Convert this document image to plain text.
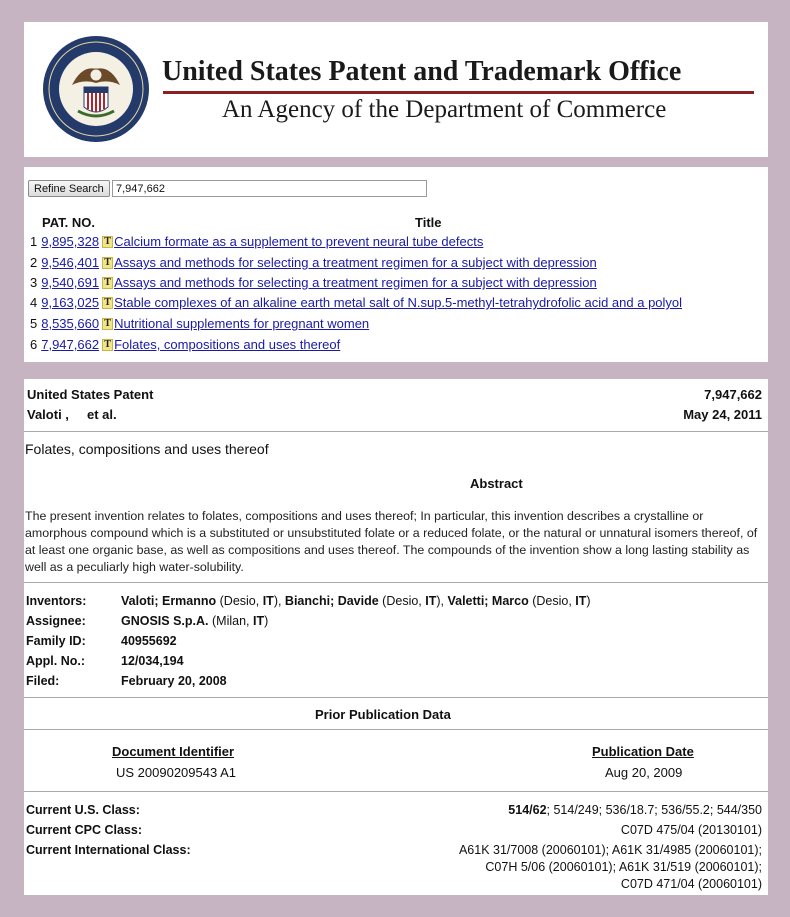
United States Patent and Trademark Office
An Agency of the Department of Commerce
Refine Search
7,947,662
PAT. NO.	Title
1 9,895,328 T Calcium formate as a supplement to prevent neural tube defects
2 9,546,401 T Assays and methods for selecting a treatment regimen for a subject with depression
3 9,540,691 T Assays and methods for selecting a treatment regimen for a subject with depression
4 9,163,025 T Stable complexes of an alkaline earth metal salt of N.sup.5-methyl-tetrahydrofolic acid and a polyol
5 8,535,660 T Nutritional supplements for pregnant women
6 7,947,662 T Folates, compositions and uses thereof
United States Patent	7,947,662
Valoti ,     et al.	May 24, 2011
Folates, compositions and uses thereof
Abstract
The present invention relates to folates, compositions and uses thereof; In particular, this invention describes a crystalline or amorphous compound which is a substituted or unsubstituted folate or a reduced folate, or the natural or unnatural isomers thereof, of at least one organic base, as well as compositions and uses thereof. The compounds of the invention show a long lasting stability as well as a peculiarly high water-solubility.
Inventors:	Valoti; Ermanno (Desio, IT), Bianchi; Davide (Desio, IT), Valetti; Marco (Desio, IT)
Assignee:	GNOSIS S.p.A. (Milan, IT)
Family ID:	40955692
Appl. No.:	12/034,194
Filed:	February 20, 2008
Prior Publication Data
Document Identifier
US 20090209543 A1
Publication Date
Aug 20, 2009
Current U.S. Class:	514/62; 514/249; 536/18.7; 536/55.2; 544/350
Current CPC Class:	C07D 475/04 (20130101)
Current International Class:	A61K 31/7008 (20060101); A61K 31/4985 (20060101);
C07H 5/06 (20060101); A61K 31/519 (20060101);
C07D 471/04 (20060101)
